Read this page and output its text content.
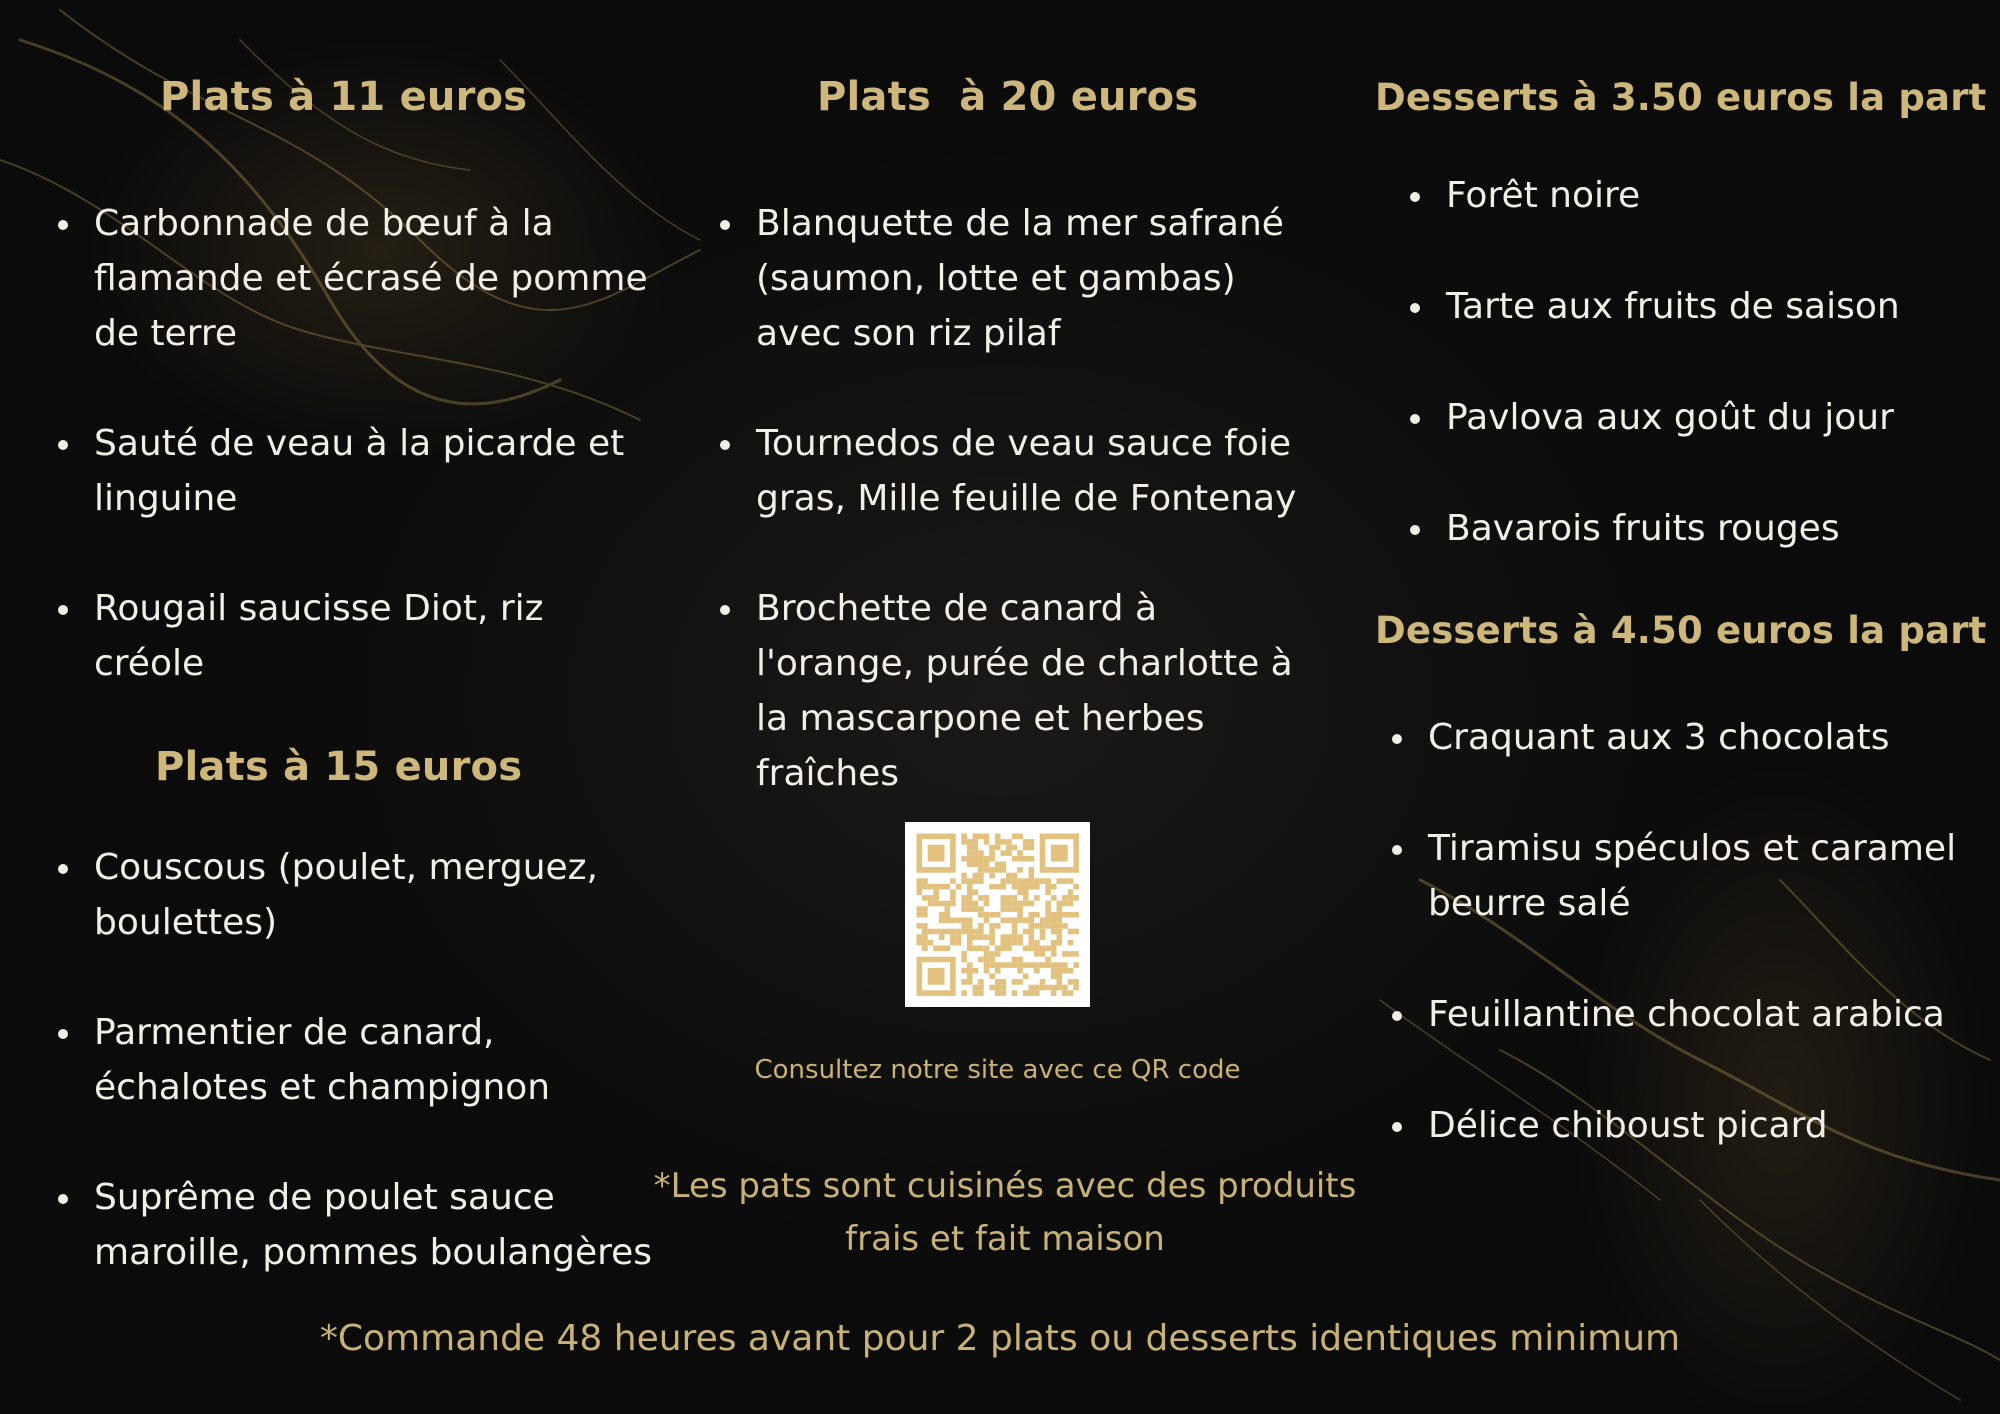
Plats à 11 euros
Carbonnade de bœuf à la flamande et écrasé de pomme de terre
Sauté de veau à la picarde et linguine
Rougail saucisse Diot, riz créole
Plats à 15 euros
Couscous (poulet, merguez, boulettes)
Parmentier de canard, échalotes et champignon
Suprême de poulet sauce maroille, pommes boulangères
Plats  à 20 euros
Blanquette de la mer safrané (saumon, lotte et gambas) avec son riz pilaf
Tournedos de veau sauce foie gras, Mille feuille de Fontenay
Brochette de canard à l'orange, purée de charlotte à la mascarpone et herbes fraîches
Consultez notre site avec ce QR code
*Les pats sont cuisinés avec des produits
frais et fait maison
Desserts à 3.50 euros la part
Forêt noire
Tarte aux fruits de saison
Pavlova aux goût du jour
Bavarois fruits rouges
Desserts à 4.50 euros la part
Craquant aux 3 chocolats
Tiramisu spéculos et caramel beurre salé
Feuillantine chocolat arabica
Délice chiboust picard
*Commande 48 heures avant pour 2 plats ou desserts identiques minimum
